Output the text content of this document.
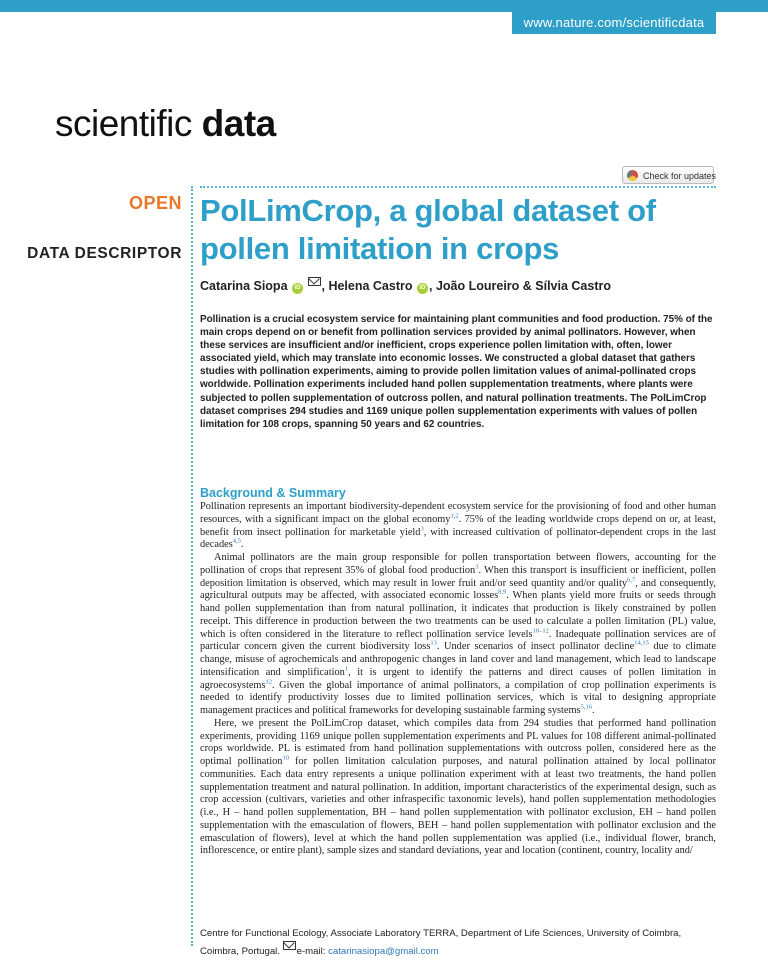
www.nature.com/scientificdata
scientific data
Check for updates
OPEN
DATA DESCRIPTOR
PolLimCrop, a global dataset of pollen limitation in crops
Catarina Siopa iD , Helena Castro iD , João Loureiro & Sílvia Castro

Pollination is a crucial ecosystem service for maintaining plant communities and food production. 75% of the main crops depend on or benefit from pollination services provided by animal pollinators. However, when these services are insufficient and/or inefficient, crops experience pollen limitation with, often, lower associated yield, which may translate into economic losses. We constructed a global dataset that gathers studies with pollination experiments, aiming to provide pollen limitation values of animal-pollinated crops worldwide. Pollination experiments included hand pollen supplementation treatments, where plants were subjected to pollen supplementation of outcross pollen, and natural pollination treatments. The PolLimCrop dataset comprises 294 studies and 1169 unique pollen supplementation experiments with values of pollen limitation for 108 crops, spanning 50 years and 62 countries.

Background & Summary

Pollination represents an important biodiversity-dependent ecosystem service for the provisioning of food and other human resources, with a significant impact on the global economy$^{1,2}$. 75% of the leading worldwide crops depend on or, at least, benefit from insect pollination for marketable yield$^3$, with increased cultivation of pollinator-dependent crops in the last decades$^{4,5}$.

Animal pollinators are the main group responsible for pollen transportation between flowers, accounting for the pollination of crops that represent 35% of global food production$^3$. When this transport is insufficient or inefficient, pollen deposition limitation is observed, which may result in lower fruit and/or seed quantity and/or quality$^{6,7}$, and consequently, agricultural outputs may be affected, with associated economic losses$^{8,9}$. When plants yield more fruits or seeds through hand pollen supplementation than from natural pollination, it indicates that production is likely constrained by pollen receipt. This difference in production between the two treatments can be used to calculate a pollen limitation (PL) value, which is often considered in the literature to reflect pollination service levels$^{10-12}$. Inadequate pollination services are of particular concern given the current biodiversity loss$^{13}$. Under scenarios of insect pollinator decline$^{14,15}$ due to climate change, misuse of agrochemicals and anthropogenic changes in land cover and land management, which lead to landscape intensification and simplification$^1$, it is urgent to identify the patterns and direct causes of pollen limitation in agroecosystems$^{12}$. Given the global importance of animal pollinators, a compilation of crop pollination experiments is needed to identify productivity losses due to limited pollination services, which is vital to designing appropriate management practices and political frameworks for developing sustainable farming systems$^{5,16}$.

Here, we present the PolLimCrop dataset, which compiles data from 294 studies that performed hand pollination experiments, providing 1169 unique pollen supplementation experiments and PL values for 108 different animal-pollinated crops worldwide. PL is estimated from hand pollination supplementations with outcross pollen, considered here as the optimal pollination$^{10}$ for pollen limitation calculation purposes, and natural pollination attained by local pollinator communities. Each data entry represents a unique pollination experiment with at least two treatments, the hand pollen supplementation treatment and natural pollination. In addition, important characteristics of the experimental design, such as crop accession (cultivars, varieties and other infraspecific taxonomic levels), hand pollen supplementation methodologies (i.e., H – hand pollen supplementation, BH – hand pollen supplementation with pollinator exclusion, EH – hand pollen supplementation with the emasculation of flowers, BEH – hand pollen supplementation with pollinator exclusion and the emasculation of flowers), level at which the hand pollen supplementation was applied (i.e., individual flower, branch, inflorescence, or entire plant), sample sizes and standard deviations, year and location (continent, country, locality and/

Centre for Functional Ecology, Associate Laboratory TERRA, Department of Life Sciences, University of Coimbra, Coimbra, Portugal. e-mail: catarinasiopa@gmail.com
